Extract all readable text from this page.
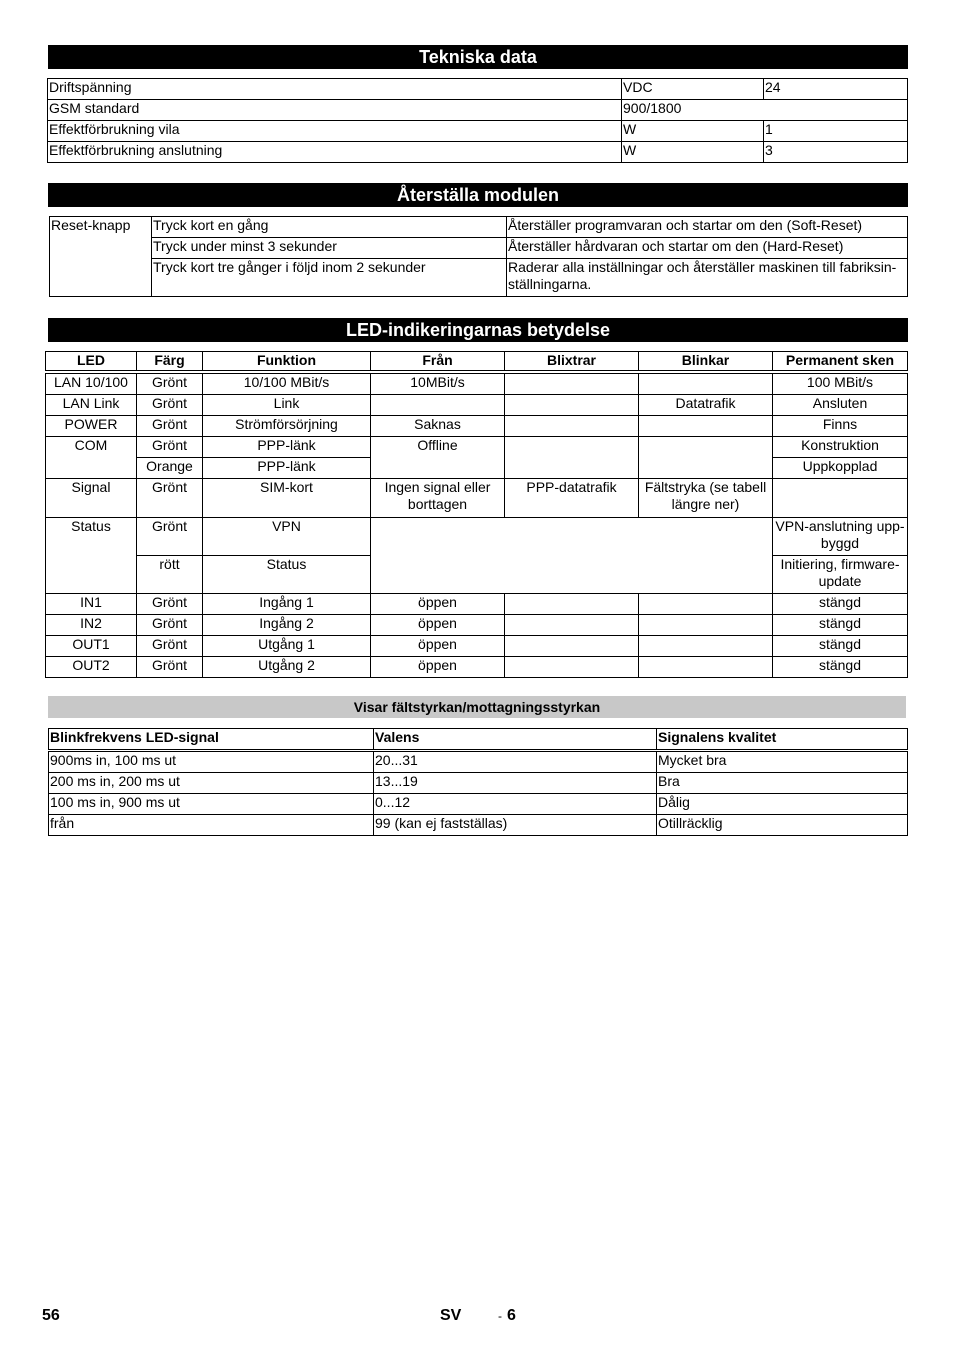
Tekniska data
Driftspänning	VDC	24
GSM standard	900/1800	
Effektförbrukning vila	W	1
Effektförbrukning anslutning	W	3
Återställa modulen
Reset-knapp	Tryck kort en gång	Återställer programvaran och startar om den (Soft-Reset)
	Tryck under minst 3 sekunder	Återställer hårdvaran och startar om den (Hard-Reset)
	Tryck kort tre gånger i följd inom 2 sekunder	Raderar alla inställningar och återställer maskinen till fabriksin-ställningarna.
LED-indikeringarnas betydelse
LED	Färg	Funktion	Från	Blixtrar	Blinkar	Permanent sken
LAN 10/100	Grönt	10/100 MBit/s	10MBit/s			100 MBit/s
LAN Link	Grönt	Link			Datatrafik	Ansluten
POWER	Grönt	Strömförsörjning	Saknas			Finns
COM	Grönt	PPP-länk	Offline			Konstruktion
	Orange	PPP-länk				Uppkopplad
Signal	Grönt	SIM-kort	Ingen signal eller borttagen	PPP-datatrafik	Fältstryka (se tabell längre ner)	
Status	Grönt	VPN				VPN-anslutning upp-byggd
	rött	Status				Initiering, firmware-update
IN1	Grönt	Ingång 1	öppen			stängd
IN2	Grönt	Ingång 2	öppen			stängd
OUT1	Grönt	Utgång 1	öppen			stängd
OUT2	Grönt	Utgång 2	öppen			stängd
Visar fältstyrkan/mottagningsstyrkan
Blinkfrekvens LED-signal	Valens	Signalens kvalitet
900ms in, 100 ms ut	20...31	Mycket bra
200 ms in, 200 ms ut	13...19	Bra
100 ms in, 900 ms ut	0...12	Dålig
från	99 (kan ej fastställas)	Otillräcklig
56	SV	- 6
